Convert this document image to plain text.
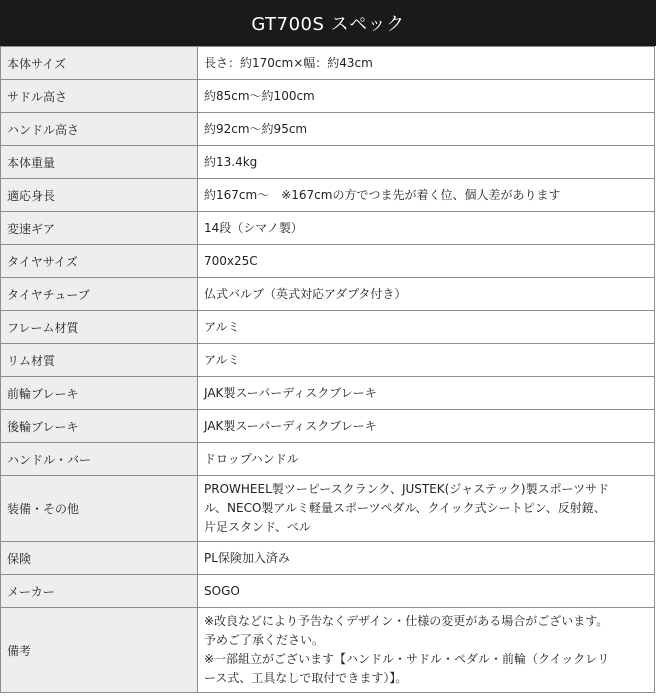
GT700S スペック
本体サイズ	長さ：約170cm×幅：約43cm

サドル高さ	約85cm～約100cm

ハンドル高さ	約92cm～約95cm

本体重量	約13.4kg

適応身長	約167cm～　※167cmの方でつま先が着く位、個人差があります

変速ギア	14段（シマノ製）

タイヤサイズ	700x25C

タイヤチューブ	仏式バルブ（英式対応アダプタ付き）

フレーム材質	アルミ

リム材質	アルミ

前輪ブレーキ	JAK製スーパーディスクブレーキ

後輪ブレーキ	JAK製スーパーディスクブレーキ

ハンドル・バー	ドロップハンドル

装備・その他	PROWHEEL製ツーピースクランク、JUSTEK(ジャステック)製スポーツサド
ル、NECO製アルミ軽量スポーツペダル、クイック式シートピン、反射鏡、
片足スタンド、ベル

保険	PL保険加入済み

メーカー	SOGO

備考	※改良などにより予告なくデザイン・仕様の変更がある場合がございます。
予めご了承ください。
※一部組立がございます【ハンドル・サドル・ペダル・前輪（クイックレリ
ース式、工具なしで取付できます）】。
